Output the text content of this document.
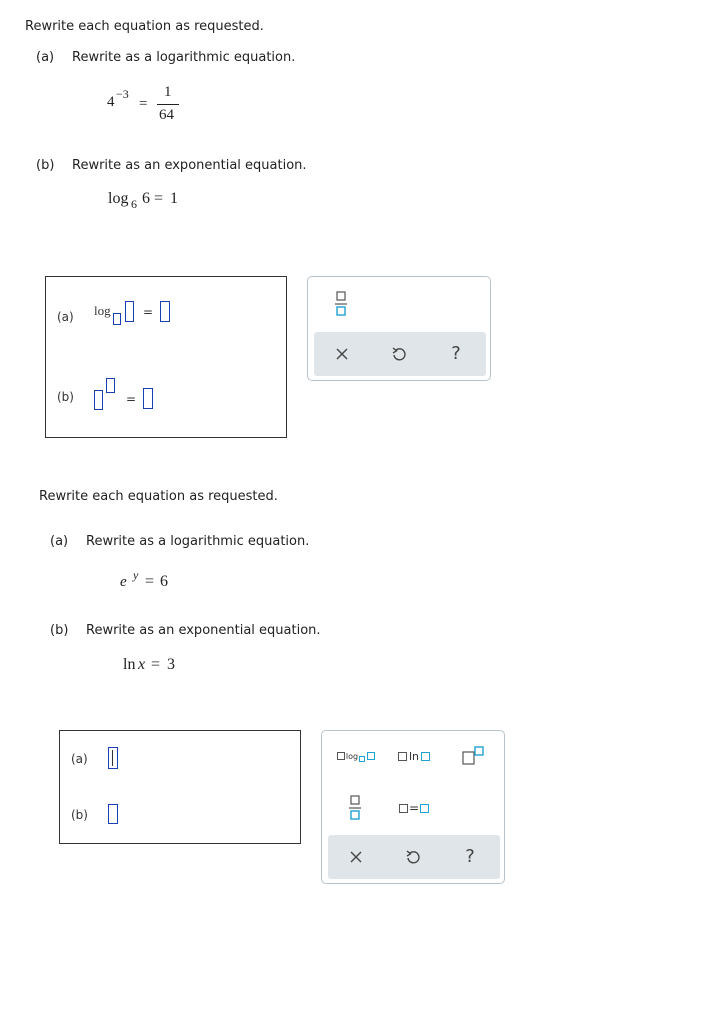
Rewrite each equation as requested.
(a) Rewrite as a logarithmic equation.
4 −3
=
1
64
(b) Rewrite as an exponential equation.
log 6 6 = 1
(a) log	=
(b)	=
?
Rewrite each equation as requested.
(a) Rewrite as a logarithmic equation.
e y = 6
(b) Rewrite as an exponential equation.
ln x = 3
(a)
(b)
log	ln
=
?
